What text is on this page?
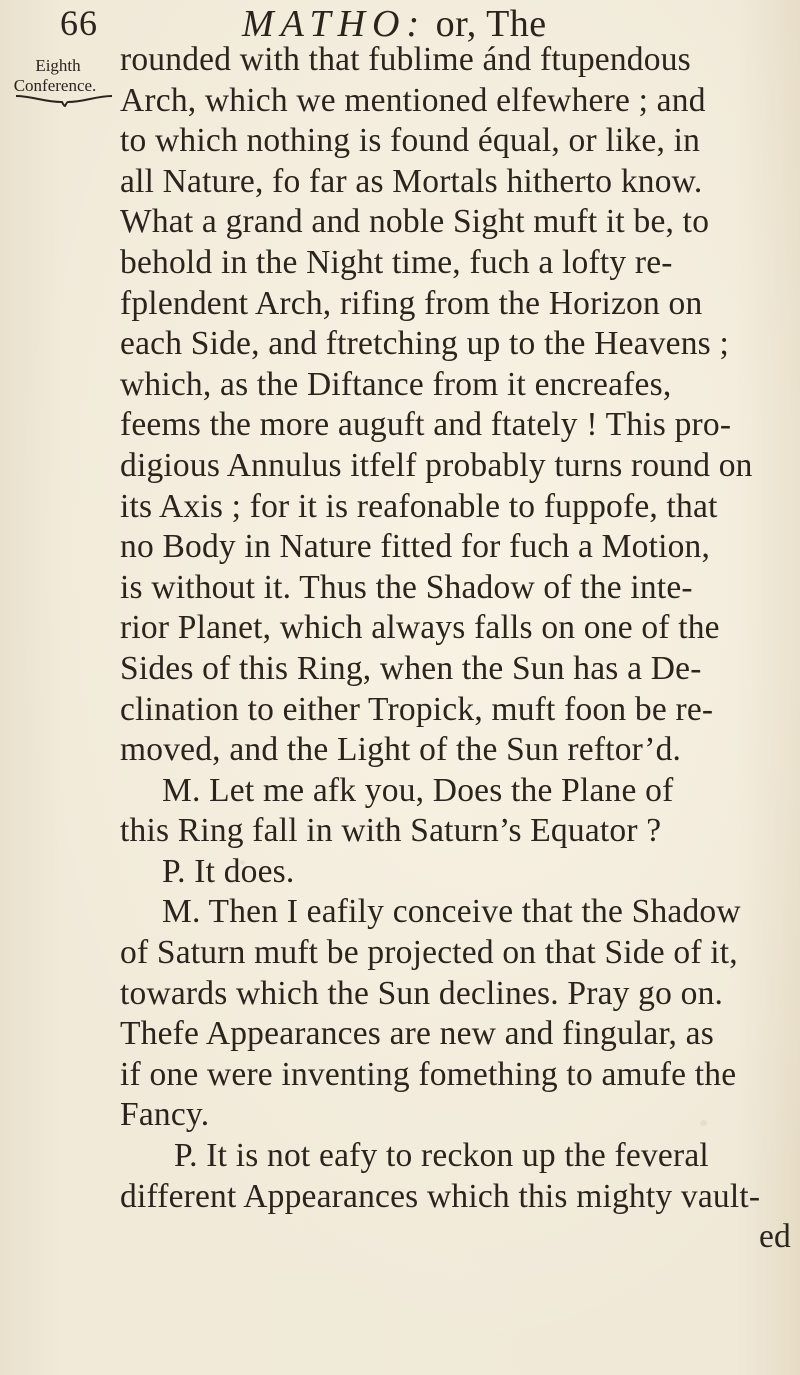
66	MATHO: or, The
Eighth
Conference.
rounded with that fublime ánd ftupendous
Arch, which we mentioned elfewhere ; and
to which nothing is found équal, or like, in
all Nature, fo far as Mortals hitherto know.
What a grand and noble Sight muft it be, to
behold in the Night time, fuch a lofty re-
fplendent Arch, rifing from the Horizon on
each Side, and ftretching up to the Heavens ;
which, as the Diftance from it encreafes,
feems the more auguft and ftately ! This pro-
digious Annulus itfelf probably turns round on
its Axis ; for it is reafonable to fuppofe, that
no Body in Nature fitted for fuch a Motion,
is without it. Thus the Shadow of the inte-
rior Planet, which always falls on one of the
Sides of this Ring, when the Sun has a De-
clination to either Tropick, muft foon be re-
moved, and the Light of the Sun reftor’d.
M. Let me afk you, Does the Plane of
this Ring fall in with Saturn’s Equator ?
P. It does.
M. Then I eafily conceive that the Shadow
of Saturn muft be projected on that Side of it,
towards which the Sun declines. Pray go on.
Thefe Appearances are new and fingular, as
if one were inventing fomething to amufe the
Fancy.
P. It is not eafy to reckon up the feveral
different Appearances which this mighty vault-
ed
